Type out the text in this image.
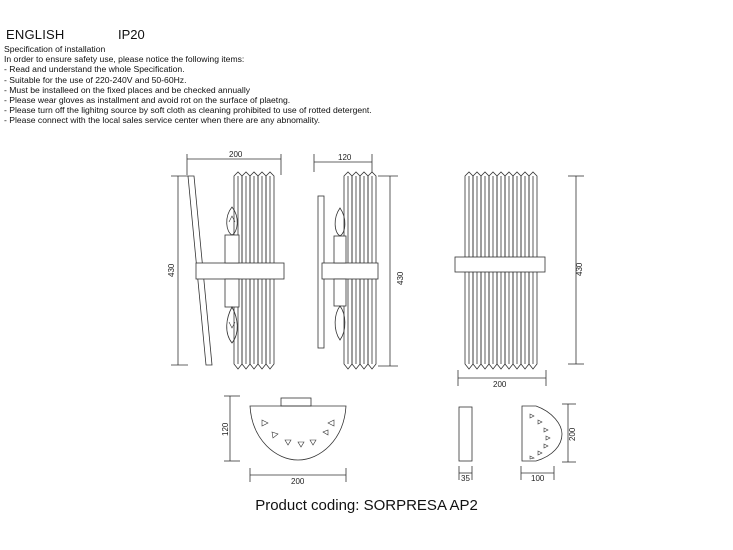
ENGLISH	IP20
Specification of installation
In order to ensure safety use, please notice the following items:
- Read and understand the whole Specification.
- Suitable for the use of 220-240V and 50-60Hz.
- Must be installeed on the fixed places and be checked annually
- Please wear gloves as installment and avoid rot on the surface of plaetng.
- Please turn off the lighitng source by soft cloth as cleaning prohibited to use of rotted detergent.
- Please connect with the local sales service center when there are any abnomality.
200
430
120
430
430
200
120
200	35
200
100
Product coding: SORPRESA AP2
